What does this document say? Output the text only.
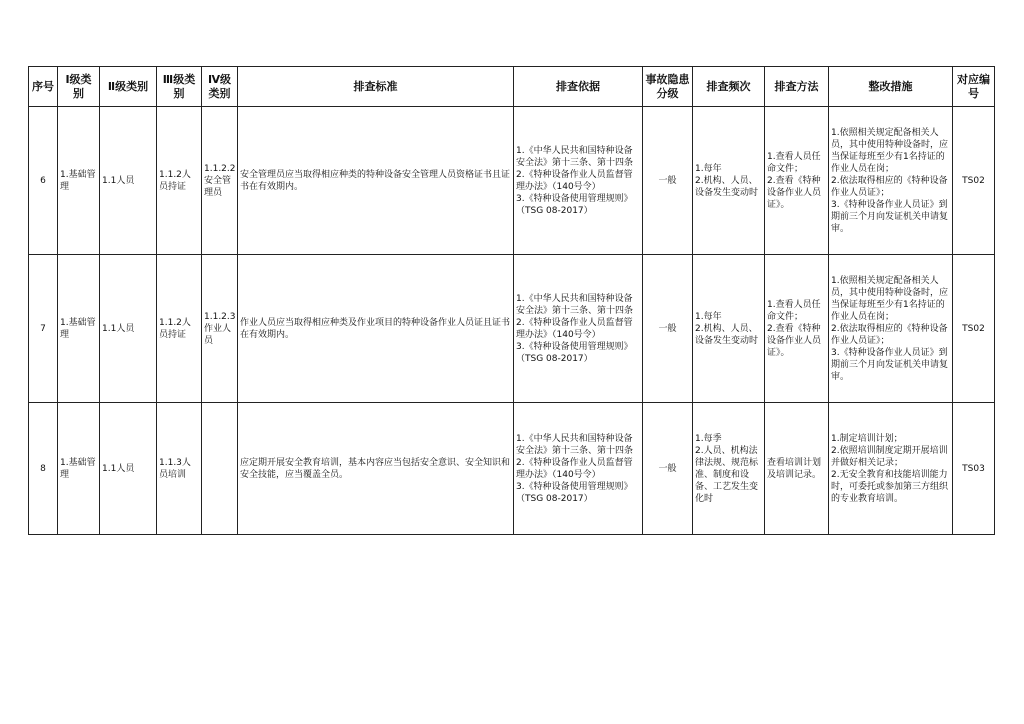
序号	Ⅰ级类别	Ⅱ级类别	Ⅲ级类别	Ⅳ级类别	排查标准	排查依据	事故隐患分级	排查频次	排查方法	整改措施	对应编号
6	1.基础管理	1.1人员	1.1.2人员持证	1.1.2.2安全管理员	安全管理员应当取得相应种类的特种设备安全管理人员资格证书且证书在有效期内。	1.《中华人民共和国特种设备安全法》第十三条、第十四条
2.《特种设备作业人员监督管理办法》（140号令）
3.《特种设备使用管理规则》（TSG 08-2017）	一般	1.每年
2.机构、人员、设备发生变动时	1.查看人员任命文件；
2.查看《特种设备作业人员证》。	1.依照相关规定配备相关人员，其中使用特种设备时，应当保证每班至少有1名持证的作业人员在岗；
2.依法取得相应的《特种设备作业人员证》；
3.《特种设备作业人员证》到期前三个月向发证机关申请复审。	TS02
7	1.基础管理	1.1人员	1.1.2人员持证	1.1.2.3作业人员	作业人员应当取得相应种类及作业项目的特种设备作业人员证且证书在有效期内。	1.《中华人民共和国特种设备安全法》第十三条、第十四条
2.《特种设备作业人员监督管理办法》（140号令）
3.《特种设备使用管理规则》（TSG 08-2017）	一般	1.每年
2.机构、人员、设备发生变动时	1.查看人员任命文件；
2.查看《特种设备作业人员证》。	1.依照相关规定配备相关人员，其中使用特种设备时，应当保证每班至少有1名持证的作业人员在岗；
2.依法取得相应的《特种设备作业人员证》；
3.《特种设备作业人员证》到期前三个月向发证机关申请复审。	TS02
8	1.基础管理	1.1人员	1.1.3人员培训		应定期开展安全教育培训，基本内容应当包括安全意识、安全知识和安全技能，应当覆盖全员。	1.《中华人民共和国特种设备安全法》第十三条、第十四条
2.《特种设备作业人员监督管理办法》（140号令）
3.《特种设备使用管理规则》（TSG 08-2017）	一般	1.每季
2.人员、机构法律法规、规范标准、制度和设备、工艺发生变化时	查看培训计划及培训记录。	1.制定培训计划；
2.依照培训制度定期开展培训并做好相关记录；
2.无安全教育和技能培训能力时，可委托或参加第三方组织的专业教育培训。	TS03
